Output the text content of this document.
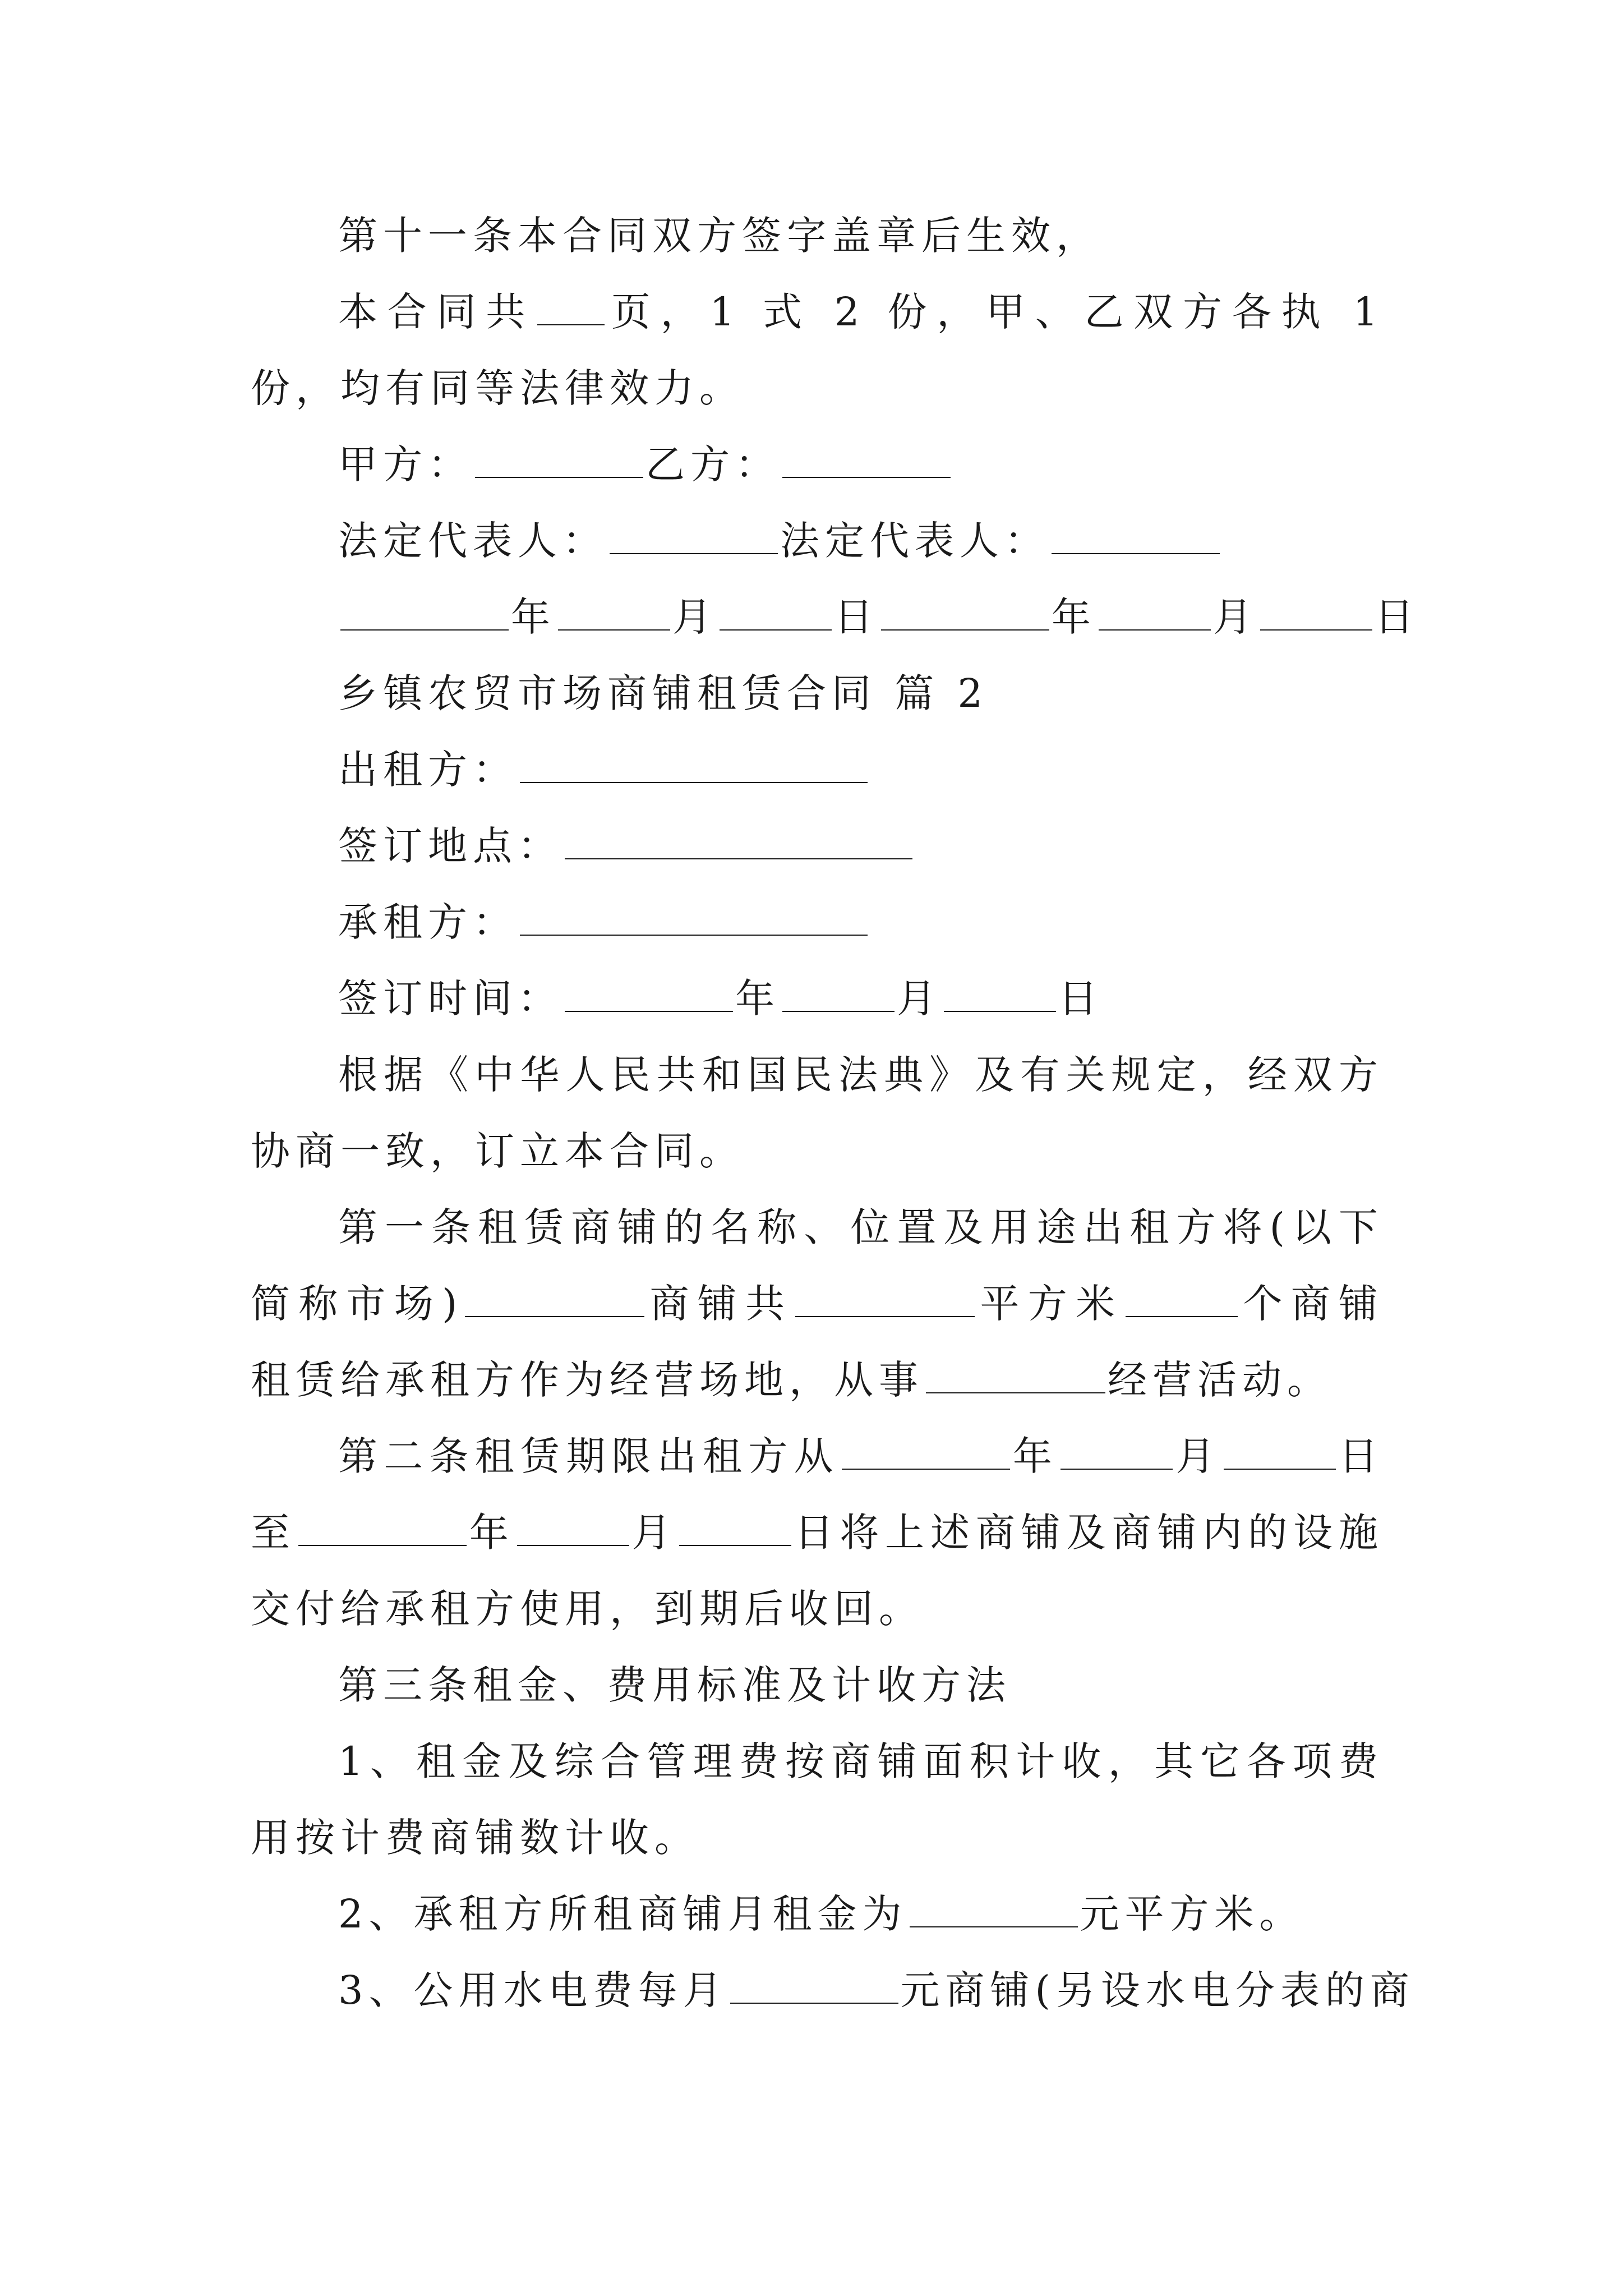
第十一条本合同双方签字盖章后生效，

本合同共 页，1 式 2 份，甲、乙双方各执 1 份，均有同等法律效力。

甲方：	乙方：

法定代表人：	法定代表人：

年	月	日	年	月	日

乡镇农贸市场商铺租赁合同 篇 2

出租方：

签订地点：

承租方：

签订时间：	年	月	日

根据《中华人民共和国民法典》及有关规定，经双方协商一致，订立本合同。

第一条租赁商铺的名称、位置及用途出租方将(以下简称市场)	商铺共	平方米	个商铺租赁给承租方作为经营场地，从事	经营活动。

第二条租赁期限出租方从	年	月	日至	年	月	日将上述商铺及商铺内的设施交付给承租方使用，到期后收回。

第三条租金、费用标准及计收方法

1、租金及综合管理费按商铺面积计收，其它各项费用按计费商铺数计收。

2、承租方所租商铺月租金为	元平方米。

3、公用水电费每月	元商铺(另设水电分表的商
